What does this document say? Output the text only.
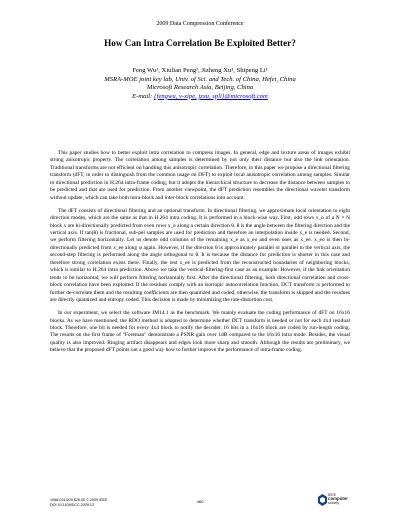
2009 Data Compression Conference
How Can Intra Correlation Be Exploited Better?
Feng Wu¹, Xiulian Peng¹, Jizheng Xu¹, Shipeng Li¹
MSRA-MOE joint key lab, Univ. of Sci. and Tech. of China, Hefei, China
Microsoft Research Asia, Beijing, China
E-mail: {fengwu, v-xipe, jzxu, spli}@microsoft.com

This paper studies how to better exploit intra correlation to compress images. In general, edge and texture areas of images exhibit strong anisotropic property. The correlation among samples is determined by not only their distance but also the link orientation. Traditional transforms are not efficient on handling this anisotropic correlation. Therefore, in this paper we propose a directional filtering transform (dFT, in order to distinguish from the common usage on DFT) to exploit local anisotropic correlation among samples. Similar to directional prediction in H.264 intra-frame coding, but it adopts the hierarchical structure to decrease the distance between samples to be predicted and that are used for prediction. From another viewpoint, the dFT prediction resembles the directional wavelet transform without update, which can take both intra-block and inter-block correlations into account.

The dFT consists of directional filtering and an optional transform. In directional filtering, we approximate local orientation to eight direction modes, which are the same as that in H.264 intra coding. It is performed in a block-wise way. First, odd rows x_o of a N × N block x are bi-directionally predicted from even rows x_e along a certain direction θ. θ is the angle between the filtering direction and the vertical axis. If tan(θ) is fractional, sub-pel samples are used for prediction and therefore an interpolation inside x_e is needed. Second, we perform filtering horizontally. Let us denote odd columns of the remaining x_e as x_eo and even ones as x_ee. x_eo is then bi-directionally predicted from x_ee along φ again. However, if the direction θ is approximately parallel or parallel to the vertical axis, the second-step filtering is performed along the angle orthogonal to θ. It is because the distance for prediction is shorter in this case and therefore strong correlation exists there. Finally, the rest x_ee is predicted from the reconstructed boundaries of neighboring blocks, which is similar to H.264 intra prediction. Above we take the vertical-filtering-first case as an example. However, if the link orientation tends to be horizontal, we will perform filtering horizontally first. After the directional filtering, both directional correlation and cross-block correlation have been exploited. If the residues comply with an isotropic autocorrelation function, DCT transform is performed to further de-correlate them and the resulting coefficients are then quantized and coded, otherwise, the transform is skipped and the residues are directly quantized and entropy coded. This decision is made by minimizing the rate-distortion cost.

In our experiment, we select the software JM14.1 as the benchmark. We mainly evaluate the coding performance of dFT on 16x16 blocks. As we have mentioned, the RDO method is adopted to determine whether DCT transform is needed or not for each 4x4 residual block. Therefore, one bit is needed for every 4x4 block to notify the decoder. 16 bits in a 16x16 block are coded by run-length coding. The results on the first frame of "Foreman" demonstrate a PSNR gain over 1dB compared to the 16x16 intra mode. Besides, the visual quality is also improved. Ringing artifact disappears and edges look more sharp and smooth. Although the results are preliminary, we believe that the proposed dFT points out a good way how to further improve the performance of intra-frame coding.

1068-0314/09 $25.00 © 2009 IEEE
DOI 10.1109/DCC.2009.13
460
IEEE
computer
society
